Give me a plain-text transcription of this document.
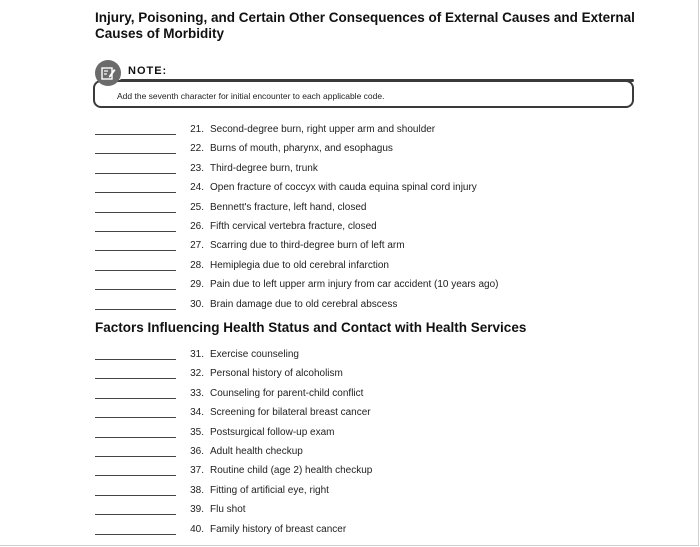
Injury, Poisoning, and Certain Other Consequences of External Causes and External Causes of Morbidity
NOTE:
Add the seventh character for initial encounter to each applicable code.
21. Second-degree burn, right upper arm and shoulder
22. Burns of mouth, pharynx, and esophagus
23. Third-degree burn, trunk
24. Open fracture of coccyx with cauda equina spinal cord injury
25. Bennett's fracture, left hand, closed
26. Fifth cervical vertebra fracture, closed
27. Scarring due to third-degree burn of left arm
28. Hemiplegia due to old cerebral infarction
29. Pain due to left upper arm injury from car accident (10 years ago)
30. Brain damage due to old cerebral abscess
Factors Influencing Health Status and Contact with Health Services
31. Exercise counseling
32. Personal history of alcoholism
33. Counseling for parent-child conflict
34. Screening for bilateral breast cancer
35. Postsurgical follow-up exam
36. Adult health checkup
37. Routine child (age 2) health checkup
38. Fitting of artificial eye, right
39. Flu shot
40. Family history of breast cancer
